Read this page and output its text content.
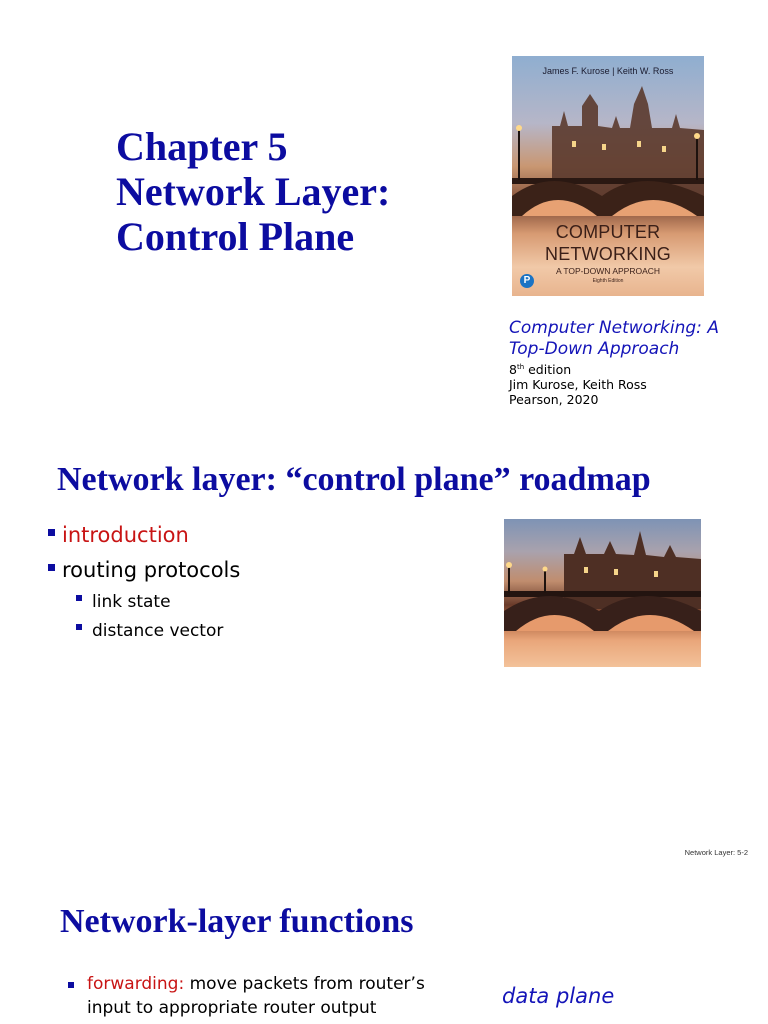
Chapter 5
Network Layer:
Control Plane
James F. Kurose | Keith W. Ross
COMPUTER
NETWORKING
A TOP-DOWN APPROACH
Eighth Edition
P
Computer Networking: A
Top-Down Approach
8th edition
Jim Kurose, Keith Ross
Pearson, 2020
Network layer: “control plane” roadmap
introduction
routing protocols
link state
distance vector
Network Layer: 5-2
Network-layer functions
forwarding: move packets from router’s
input to appropriate router output	data plane
